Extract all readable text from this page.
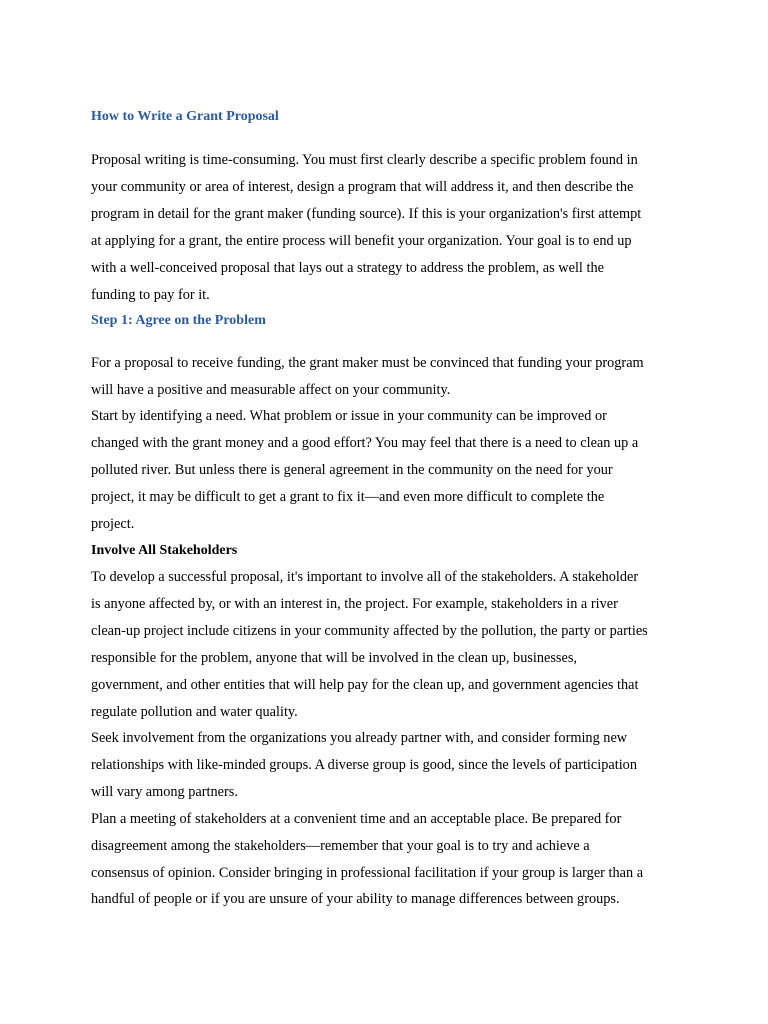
How to Write a Grant Proposal
Proposal writing is time-consuming. You must first clearly describe a specific problem found in
your community or area of interest, design a program that will address it, and then describe the
program in detail for the grant maker (funding source). If this is your organization's first attempt
at applying for a grant, the entire process will benefit your organization. Your goal is to end up
with a well-conceived proposal that lays out a strategy to address the problem, as well the
funding to pay for it.
Step 1: Agree on the Problem
For a proposal to receive funding, the grant maker must be convinced that funding your program
will have a positive and measurable affect on your community.
Start by identifying a need. What problem or issue in your community can be improved or
changed with the grant money and a good effort? You may feel that there is a need to clean up a
polluted river. But unless there is general agreement in the community on the need for your
project, it may be difficult to get a grant to fix it—and even more difficult to complete the
project.
Involve All Stakeholders
To develop a successful proposal, it's important to involve all of the stakeholders. A stakeholder
is anyone affected by, or with an interest in, the project. For example, stakeholders in a river
clean-up project include citizens in your community affected by the pollution, the party or parties
responsible for the problem, anyone that will be involved in the clean up, businesses,
government, and other entities that will help pay for the clean up, and government agencies that
regulate pollution and water quality.
Seek involvement from the organizations you already partner with, and consider forming new
relationships with like-minded groups. A diverse group is good, since the levels of participation
will vary among partners.
Plan a meeting of stakeholders at a convenient time and an acceptable place. Be prepared for
disagreement among the stakeholders—remember that your goal is to try and achieve a
consensus of opinion. Consider bringing in professional facilitation if your group is larger than a
handful of people or if you are unsure of your ability to manage differences between groups.
